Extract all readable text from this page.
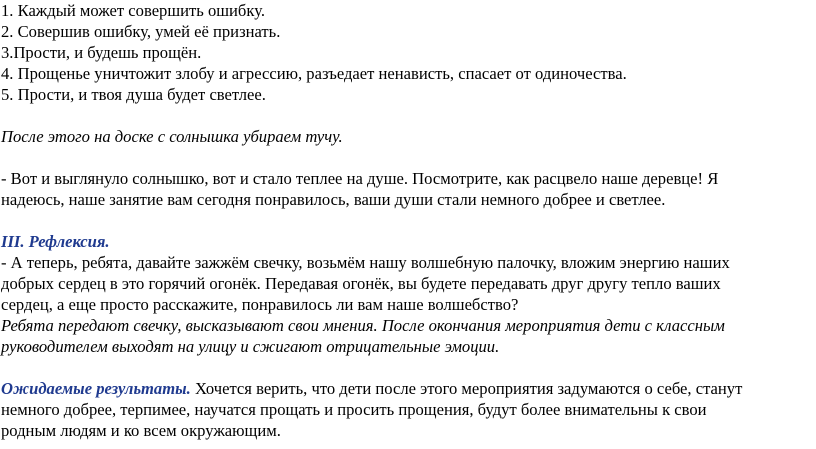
1. Каждый может совершить ошибку.
2. Совершив ошибку, умей её признать.
3.Прости, и будешь прощён.
4. Прощенье уничтожит злобу и агрессию, разъедает ненависть, спасает от одиночества.
5. Прости, и твоя душа будет светлее.
После этого на доске с солнышка убираем тучу.
- Вот и выглянуло солнышко, вот и стало теплее на душе. Посмотрите, как расцвело наше деревце! Я
надеюсь, наше занятие вам сегодня понравилось, ваши души стали немного добрее и светлее.
III. Рефлексия.
- А теперь, ребята, давайте зажжём свечку, возьмём нашу волшебную палочку, вложим энергию наших
добрых сердец в это горячий огонёк. Передавая огонёк, вы будете передавать друг другу тепло ваших
сердец, а еще просто расскажите, понравилось ли вам наше волшебство?
Ребята передают свечку, высказывают свои мнения. После окончания мероприятия дети с классным
руководителем выходят на улицу и сжигают отрицательные эмоции.
Ожидаемые результаты. Хочется верить, что дети после этого мероприятия задумаются о себе, станут
немного добрее, терпимее, научатся прощать и просить прощения, будут более внимательны к свои
родным людям и ко всем окружающим.
